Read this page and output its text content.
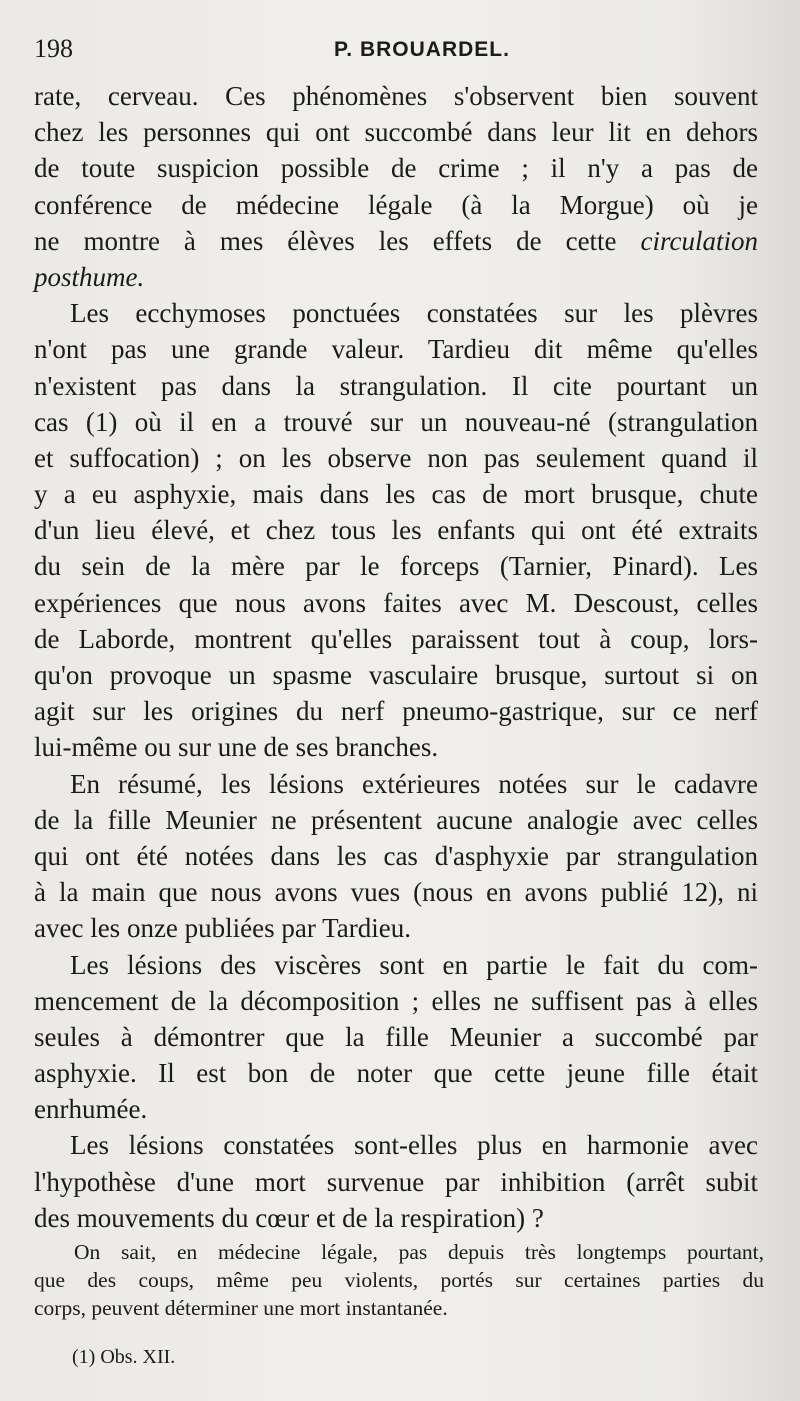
198	P. BROUARDEL.
rate, cerveau. Ces phénomènes s'observent bien souvent
chez les personnes qui ont succombé dans leur lit en dehors
de toute suspicion possible de crime ; il n'y a pas de
conférence de médecine légale (à la Morgue) où je
ne montre à mes élèves les effets de cette circulation
posthume.
Les ecchymoses ponctuées constatées sur les plèvres
n'ont pas une grande valeur. Tardieu dit même qu'elles
n'existent pas dans la strangulation. Il cite pourtant un
cas (1) où il en a trouvé sur un nouveau-né (strangulation
et suffocation) ; on les observe non pas seulement quand il
y a eu asphyxie, mais dans les cas de mort brusque, chute
d'un lieu élevé, et chez tous les enfants qui ont été extraits
du sein de la mère par le forceps (Tarnier, Pinard). Les
expériences que nous avons faites avec M. Descoust, celles
de Laborde, montrent qu'elles paraissent tout à coup, lors-
qu'on provoque un spasme vasculaire brusque, surtout si on
agit sur les origines du nerf pneumo-gastrique, sur ce nerf
lui-même ou sur une de ses branches.
En résumé, les lésions extérieures notées sur le cadavre
de la fille Meunier ne présentent aucune analogie avec celles
qui ont été notées dans les cas d'asphyxie par strangulation
à la main que nous avons vues (nous en avons publié 12), ni
avec les onze publiées par Tardieu.
Les lésions des viscères sont en partie le fait du com-
mencement de la décomposition ; elles ne suffisent pas à elles
seules à démontrer que la fille Meunier a succombé par
asphyxie. Il est bon de noter que cette jeune fille était
enrhumée.
Les lésions constatées sont-elles plus en harmonie avec
l'hypothèse d'une mort survenue par inhibition (arrêt subit
des mouvements du cœur et de la respiration) ?
On sait, en médecine légale, pas depuis très longtemps pourtant,
que des coups, même peu violents, portés sur certaines parties du
corps, peuvent déterminer une mort instantanée.
(1) Obs. XII.
